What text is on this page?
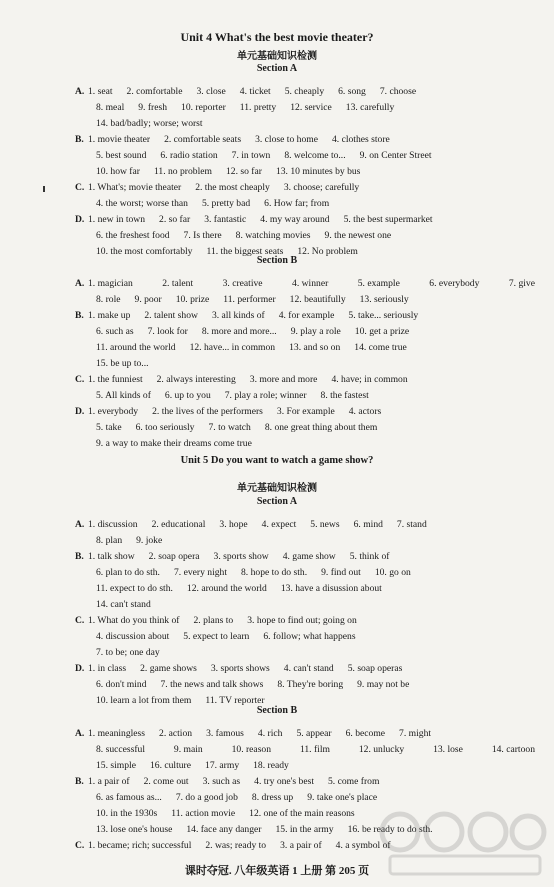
Unit 4 What's the best movie theater?
单元基础知识检测
Unit 5 Do you want to watch a game show?
单元基础知识检测
Section A
A. 1. seat 2. comfortable 3. close 4. ticket 5. cheaply 6. song 7. choose
8. meal 9. fresh 10. reporter 11. pretty 12. service 13. carefully
14. bad/badly; worse; worst
B. 1. movie theater 2. comfortable seats 3. close to home 4. clothes store
5. best sound 6. radio station 7. in town 8. welcome to... 9. on Center Street
10. how far 11. no problem 12. so far 13. 10 minutes by bus
C. 1. What's; movie theater 2. the most cheaply 3. choose; carefully
4. the worst; worse than 5. pretty bad 6. How far; from
D. 1. new in town 2. so far 3. fantastic 4. my way around 5. the best supermarket
6. the freshest food 7. Is there 8. watching movies 9. the newest one
10. the most comfortably 11. the biggest seats 12. No problem
Section B
A. 1. magician	2. talent	3. creative	4. winner	5. example	6. everybody	7. give
8. role 9. poor 10. prize 11. performer 12. beautifully 13. seriously
B. 1. make up 2. talent show 3. all kinds of 4. for example 5. take... seriously
6. such as 7. look for 8. more and more... 9. play a role 10. get a prize
11. around the world 12. have... in common 13. and so on 14. come true
15. be up to...
C. 1. the funniest 2. always interesting 3. more and more 4. have; in common
5. All kinds of 6. up to you 7. play a role; winner 8. the fastest
D. 1. everybody 2. the lives of the performers 3. For example 4. actors
5. take 6. too seriously 7. to watch 8. one great thing about them
9. a way to make their dreams come true
Section A
A. 1. discussion 2. educational 3. hope 4. expect 5. news 6. mind 7. stand
8. plan 9. joke
B. 1. talk show 2. soap opera 3. sports show 4. game show 5. think of
6. plan to do sth. 7. every night 8. hope to do sth. 9. find out 10. go on
11. expect to do sth. 12. around the world 13. have a disussion about
14. can't stand
C. 1. What do you think of 2. plans to 3. hope to find out; going on
4. discussion about 5. expect to learn 6. follow; what happens
7. to be; one day
D. 1. in class 2. game shows 3. sports shows 4. can't stand 5. soap operas
6. don't mind 7. the news and talk shows 8. They're boring 9. may not be
10. learn a lot from them 11. TV reporter
Section B
A. 1. meaningless 2. action 3. famous 4. rich 5. appear 6. become 7. might
8. successful	9. main	10. reason	11. film	12. unlucky	13. lose	14. cartoon
15. simple 16. culture 17. army 18. ready
B. 1. a pair of 2. come out 3. such as 4. try one's best 5. come from
6. as famous as... 7. do a good job 8. dress up 9. take one's place
10. in the 1930s 11. action movie 12. one of the main reasons
13. lose one's house 14. face any danger 15. in the army 16. be ready to do sth.
C. 1. became; rich; successful 2. was; ready to 3. a pair of 4. a symbol of
课时夺冠. 八年级英语 1 上册 第 205 页
